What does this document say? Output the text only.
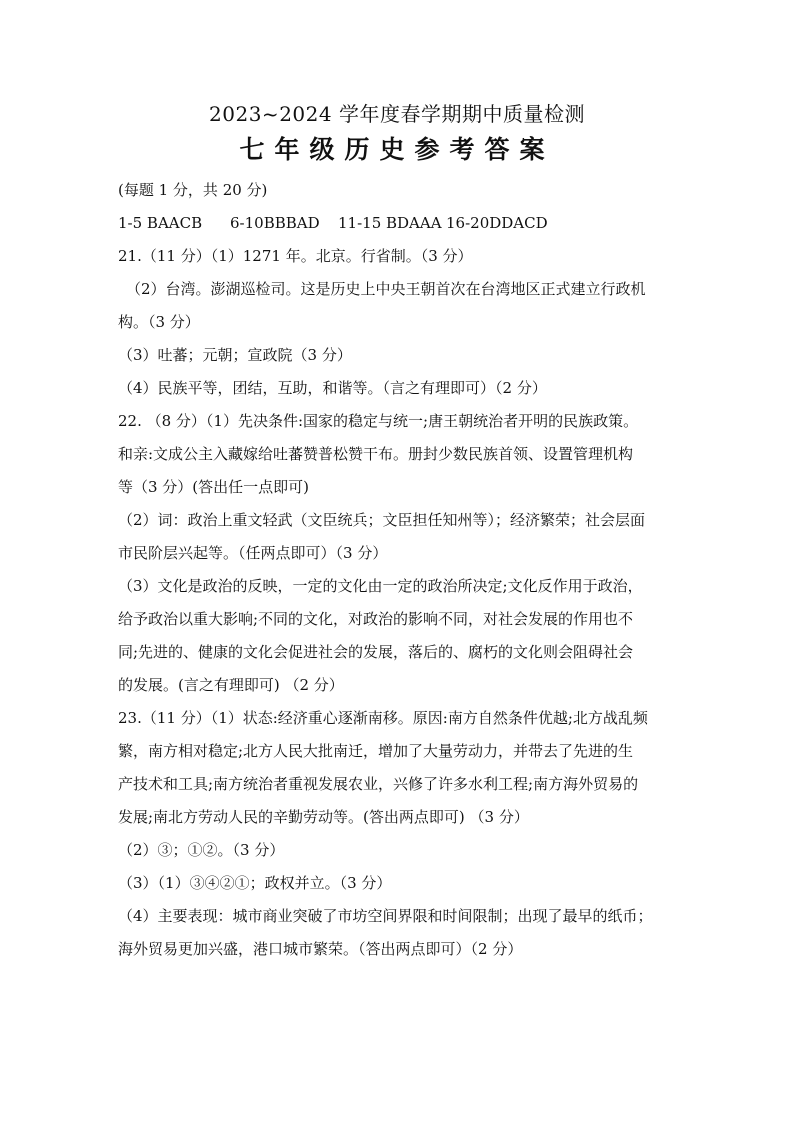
2023~2024 学年度春学期期中质量检测
七年级历史参考答案
(每题 1 分，共 20 分)
1-5 BAACB 6-10BBBAD 11-15 BDAAA 16-20DDACD
21.（11 分）（1）1271 年。北京。行省制。（3 分）
（2）台湾。澎湖巡检司。这是历史上中央王朝首次在台湾地区正式建立行政机
构。（3 分）
（3）吐蕃；元朝；宣政院（3 分）
（4）民族平等，团结，互助，和谐等。（言之有理即可）（2 分）
22. （8 分）（1）先决条件:国家的稳定与统一;唐王朝统治者开明的民族政策。
和亲:文成公主入藏嫁给吐蕃赞普松赞干布。册封少数民族首领、设置管理机构
等（3 分）(答出任一点即可)
（2）词：政治上重文轻武（文臣统兵；文臣担任知州等）；经济繁荣；社会层面
市民阶层兴起等。（任两点即可）（3 分）
（3）文化是政治的反映，一定的文化由一定的政治所决定;文化反作用于政治，
给予政治以重大影响;不同的文化，对政治的影响不同，对社会发展的作用也不
同;先进的、健康的文化会促进社会的发展，落后的、腐朽的文化则会阻碍社会
的发展。(言之有理即可) （2 分）
23.（11 分）（1）状态:经济重心逐渐南移。原因:南方自然条件优越;北方战乱频
繁，南方相对稳定;北方人民大批南迁，增加了大量劳动力，并带去了先进的生
产技术和工具;南方统治者重视发展农业，兴修了许多水利工程;南方海外贸易的
发展;南北方劳动人民的辛勤劳动等。(答出两点即可) （3 分）
（2）③；①②。（3 分）
（3）（1）③④②①；政权并立。（3 分）
（4）主要表现：城市商业突破了市坊空间界限和时间限制；出现了最早的纸币；
海外贸易更加兴盛，港口城市繁荣。（答出两点即可）（2 分）
